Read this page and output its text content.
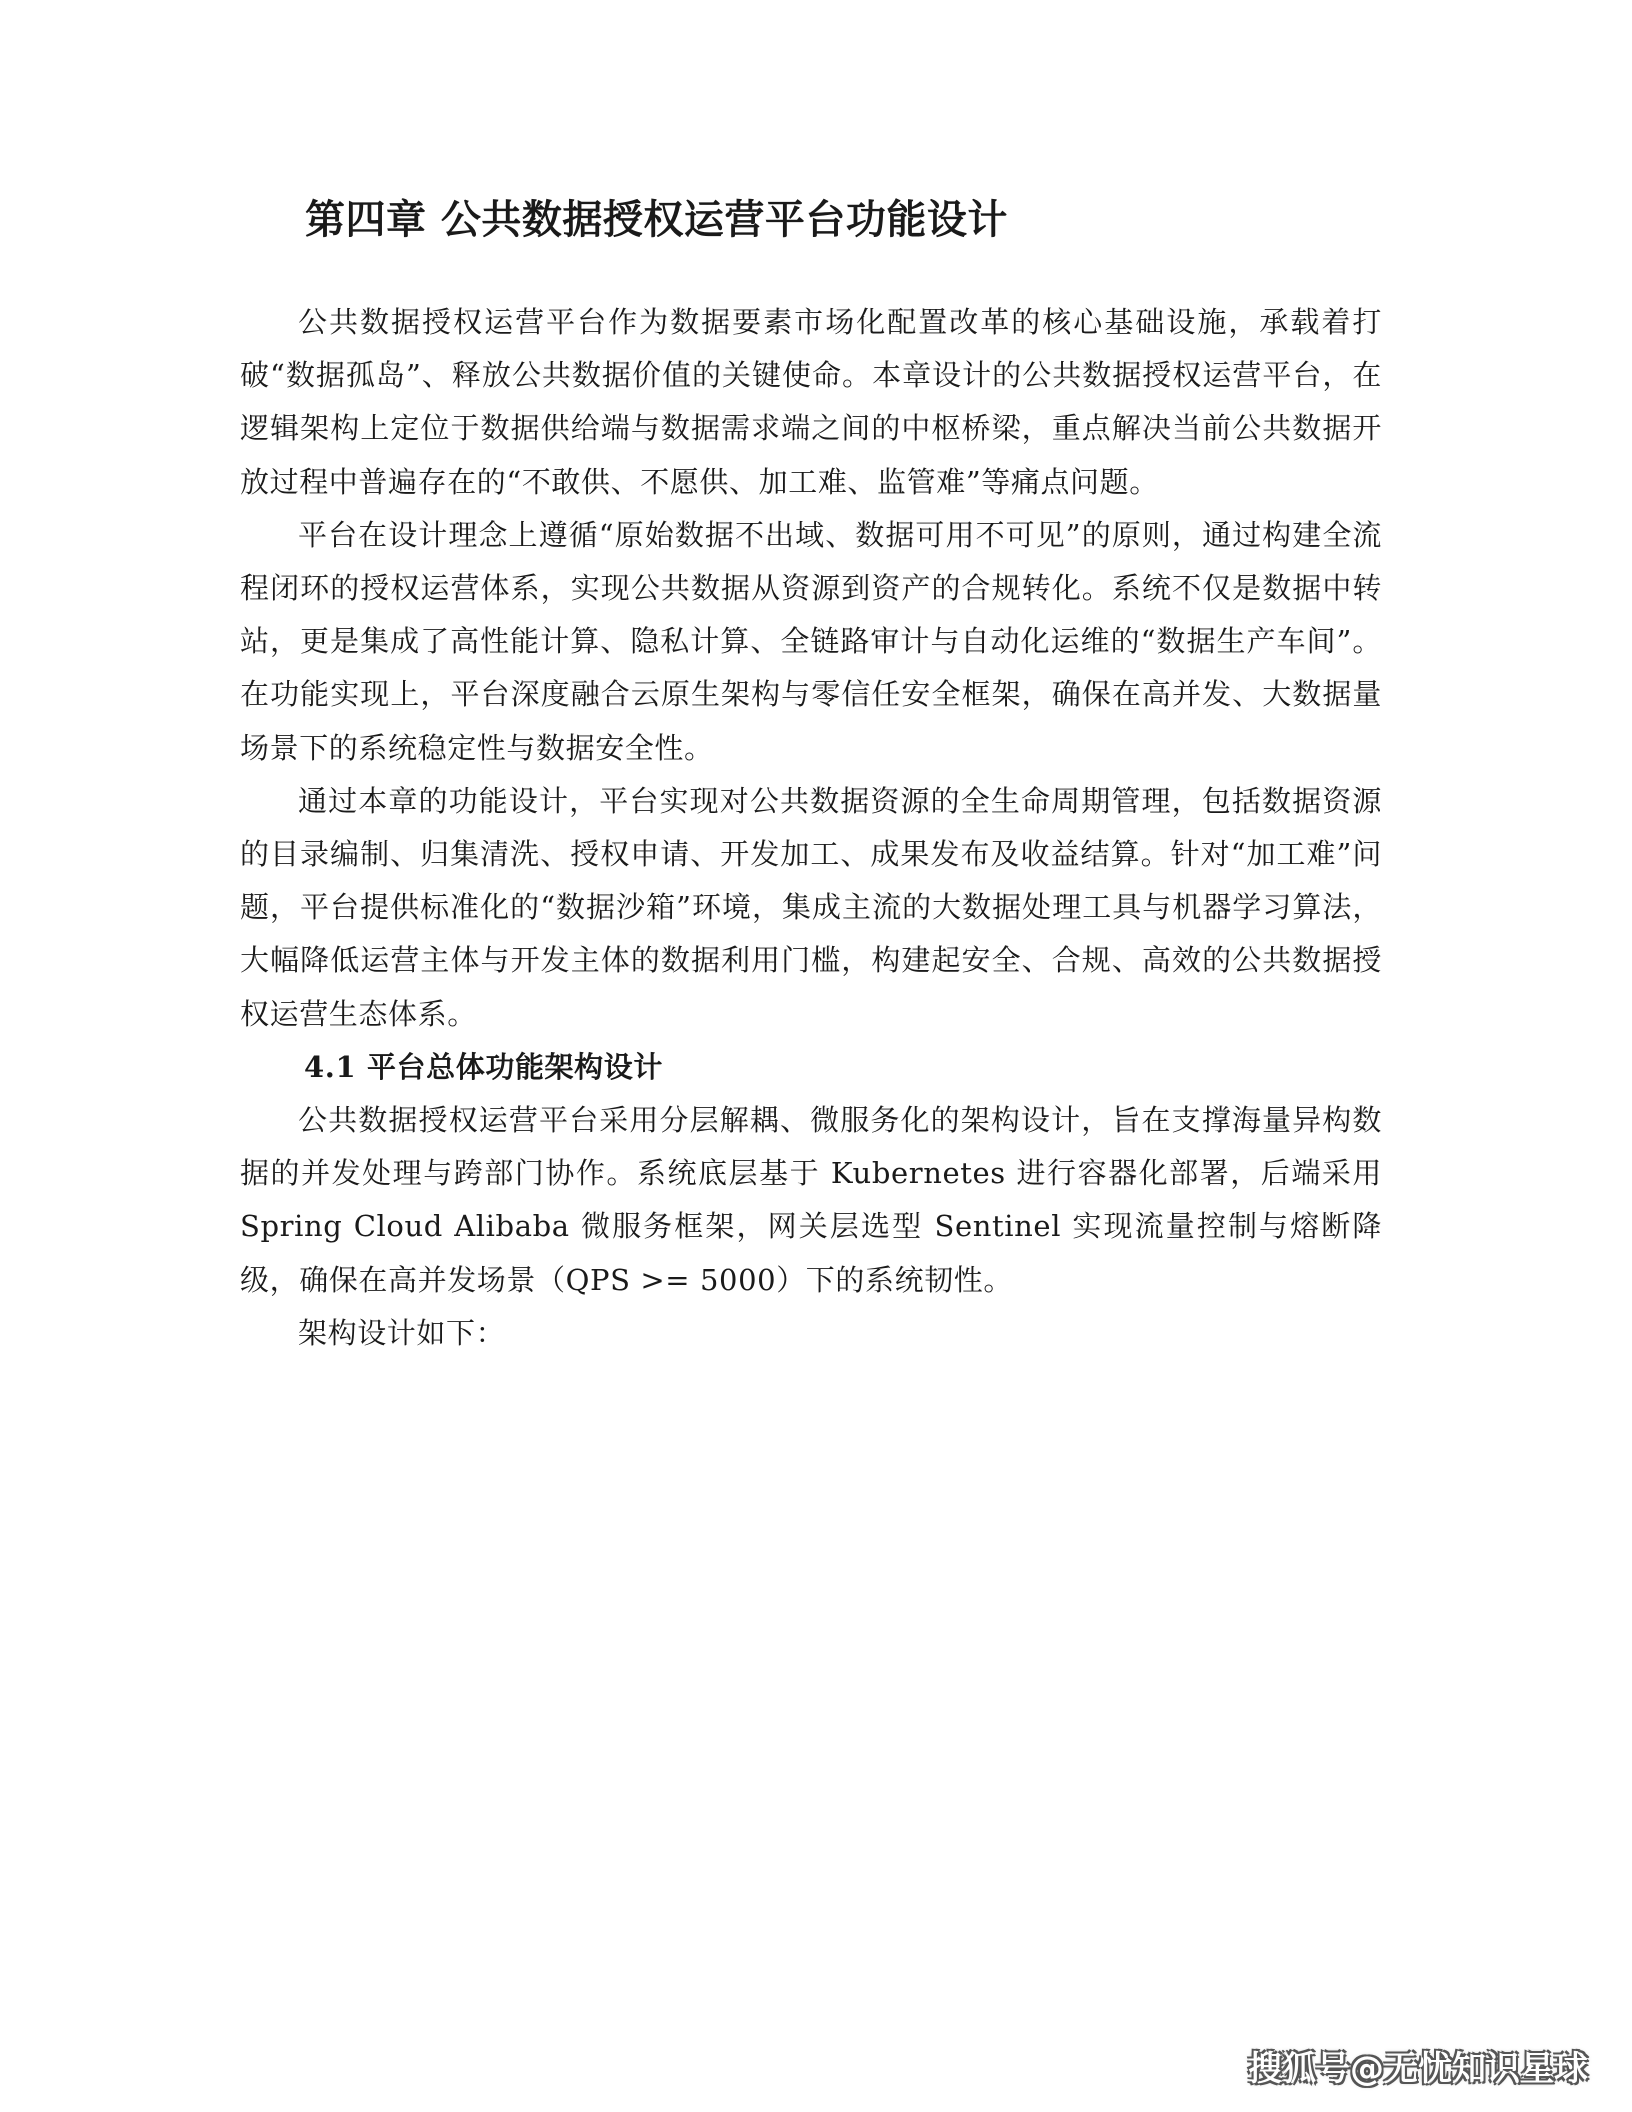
第四章 公共数据授权运营平台功能设计

公共数据授权运营平台作为数据要素市场化配置改革的核心基础设施，承载着打破“数据孤岛”、释放公共数据价值的关键使命。本章设计的公共数据授权运营平台，在逻辑架构上定位于数据供给端与数据需求端之间的中枢桥梁，重点解决当前公共数据开放过程中普遍存在的“不敢供、不愿供、加工难、监管难”等痛点问题。

平台在设计理念上遵循“原始数据不出域、数据可用不可见”的原则，通过构建全流程闭环的授权运营体系，实现公共数据从资源到资产的合规转化。系统不仅是数据中转站，更是集成了高性能计算、隐私计算、全链路审计与自动化运维的“数据生产车间”。在功能实现上，平台深度融合云原生架构与零信任安全框架，确保在高并发、大数据量场景下的系统稳定性与数据安全性。

通过本章的功能设计，平台实现对公共数据资源的全生命周期管理，包括数据资源的目录编制、归集清洗、授权申请、开发加工、成果发布及收益结算。针对“加工难”问题，平台提供标准化的“数据沙箱”环境，集成主流的大数据处理工具与机器学习算法，大幅降低运营主体与开发主体的数据利用门槛，构建起安全、合规、高效的公共数据授权运营生态体系。

4.1 平台总体功能架构设计

公共数据授权运营平台采用分层解耦、微服务化的架构设计，旨在支撑海量异构数据的并发处理与跨部门协作。系统底层基于 Kubernetes 进行容器化部署，后端采用 Spring Cloud Alibaba 微服务框架，网关层选型 Sentinel 实现流量控制与熔断降级，确保在高并发场景（QPS >= 5000）下的系统韧性。

架构设计如下：

搜狐号@无忧知识星球
